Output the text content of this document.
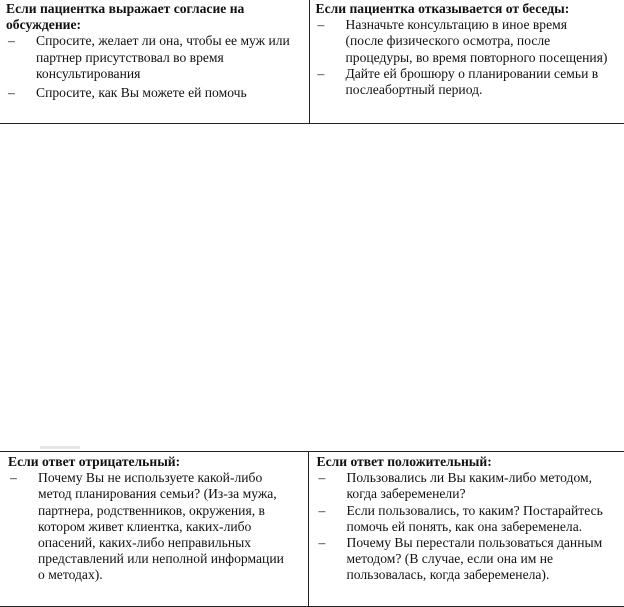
Если пациентка выражает согласие на обсуждение:
– Спросите, желает ли она, чтобы ее муж или партнер присутствовал во время консультирования
– Спросите, как Вы можете ей помочь

Если пациентка отказывается от беседы:
– Назначьте консультацию в иное время (после физического осмотра, после процедуры, во время повторного посещения)
– Дайте ей брошюру о планировании семьи в послеабортный период.
Если ответ отрицательный:
– Почему Вы не используете какой-либо метод планирования семьи? (Из-за мужа, партнера, родственников, окружения, в котором живет клиентка, каких-либо опасений, каких-либо неправильных представлений или неполной информации о методах).

Если ответ положительный:
– Пользовались ли Вы каким-либо методом, когда забеременели?
– Если пользовались, то каким? Постарайтесь помочь ей понять, как она забеременела.
– Почему Вы перестали пользоваться данным методом? (В случае, если она им не пользовалась, когда забеременела).
